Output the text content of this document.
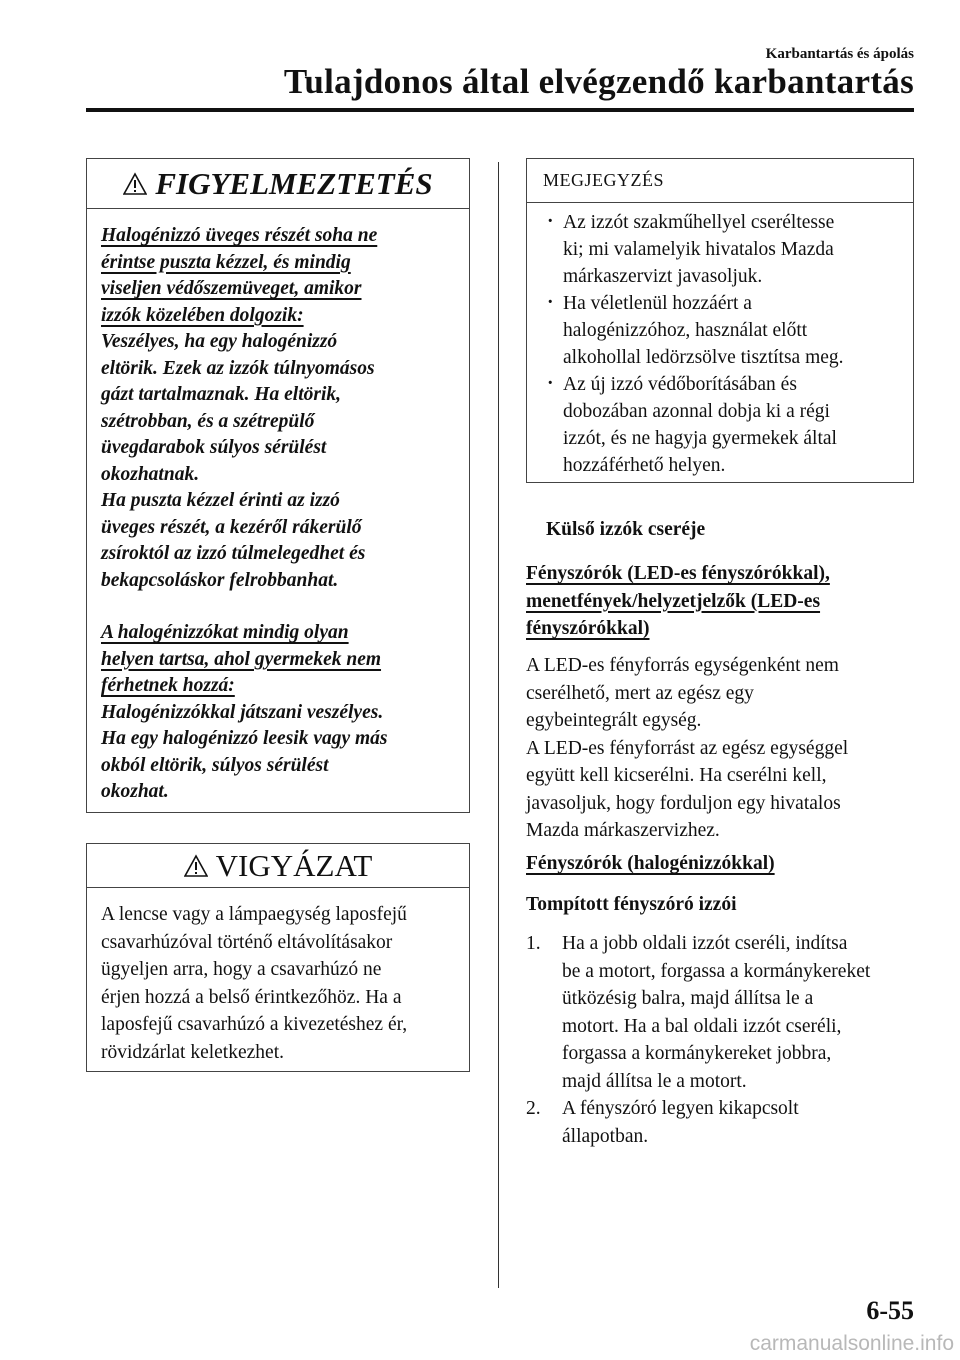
Karbantartás és ápolás
Tulajdonos által elvégzendő karbantartás
FIGYELMEZTETÉS
Halogénizzó üveges részét soha ne
érintse puszta kézzel, és mindig
viseljen védőszemüveget, amikor
izzók közelében dolgozik:
Veszélyes, ha egy halogénizzó
eltörik. Ezek az izzók túlnyomásos
gázt tartalmaznak. Ha eltörik,
szétrobban, és a szétrepülő
üvegdarabok súlyos sérülést
okozhatnak.
Ha puszta kézzel érinti az izzó
üveges részét, a kezéről rákerülő
zsíroktól az izzó túlmelegedhet és
bekapcsoláskor felrobbanhat.
A halogénizzókat mindig olyan
helyen tartsa, ahol gyermekek nem
férhetnek hozzá:
Halogénizzókkal játszani veszélyes.
Ha egy halogénizzó leesik vagy más
okból eltörik, súlyos sérülést
okozhat.
VIGYÁZAT
A lencse vagy a lámpaegység laposfejű
csavarhúzóval történő eltávolításakor
ügyeljen arra, hogy a csavarhúzó ne
érjen hozzá a belső érintkezőhöz. Ha a
laposfejű csavarhúzó a kivezetéshez ér,
rövidzárlat keletkezhet.
MEGJEGYZÉS
· Az izzót szakműhellyel cseréltesse
ki; mi valamelyik hivatalos Mazda
márkaszervizt javasoljuk.
· Ha véletlenül hozzáért a
halogénizzóhoz, használat előtt
alkohollal ledörzsölve tisztítsa meg.
· Az új izzó védőborításában és
dobozában azonnal dobja ki a régi
izzót, és ne hagyja gyermekek által
hozzáférhető helyen.
Külső izzók cseréje
Fényszórók (LED-es fényszórókkal),
menetfények/helyzetjelzők (LED-es
fényszórókkal)
A LED-es fényforrás egységenként nem
cserélhető, mert az egész egy
egybeintegrált egység.
A LED-es fényforrást az egész egységgel
együtt kell kicserélni. Ha cserélni kell,
javasoljuk, hogy forduljon egy hivatalos
Mazda márkaszervizhez.
Fényszórók (halogénizzókkal)
Tompított fényszóró izzói
1. Ha a jobb oldali izzót cseréli, indítsa
be a motort, forgassa a kormánykereket
ütközésig balra, majd állítsa le a
motort. Ha a bal oldali izzót cseréli,
forgassa a kormánykereket jobbra,
majd állítsa le a motort.
2. A fényszóró legyen kikapcsolt
állapotban.
6-55
carmanualsonline.info
